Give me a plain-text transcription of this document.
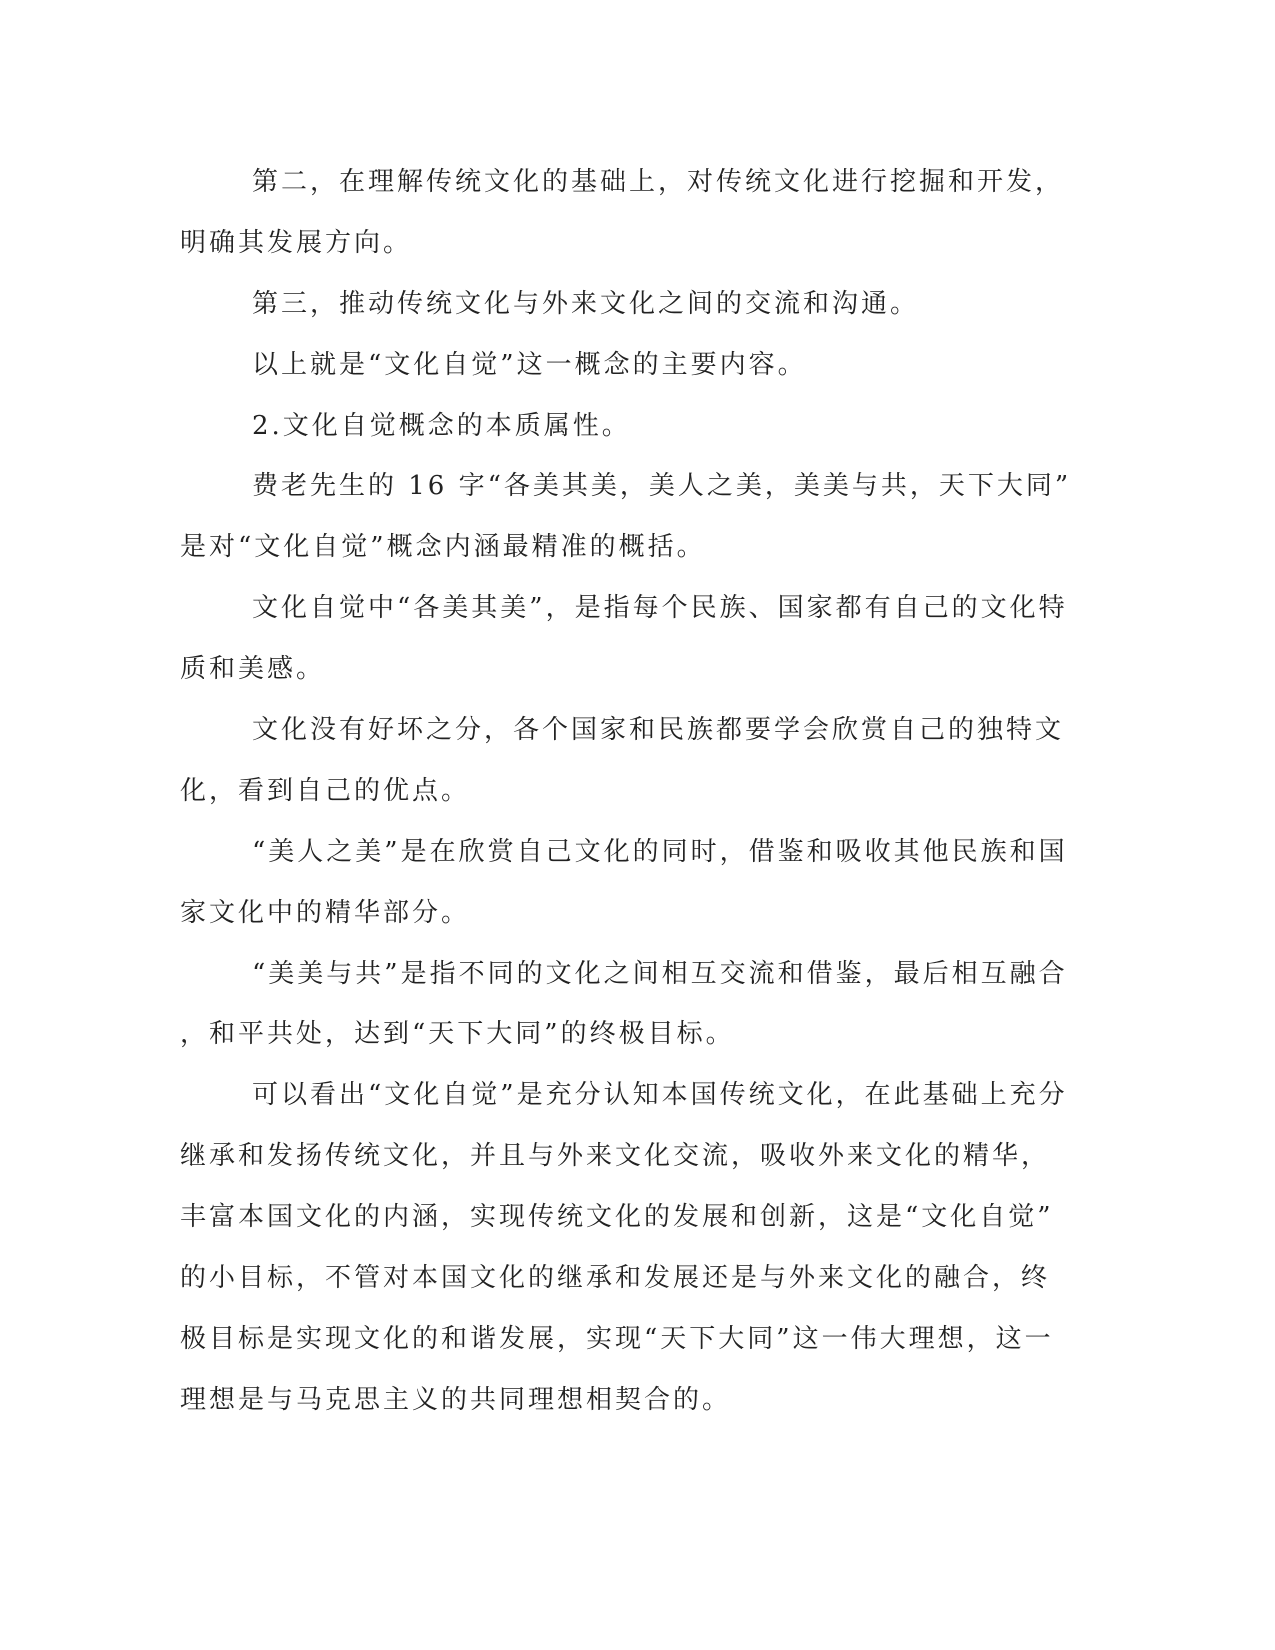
第二，在理解传统文化的基础上，对传统文化进行挖掘和开发，
明确其发展方向。
第三，推动传统文化与外来文化之间的交流和沟通。
以上就是“文化自觉”这一概念的主要内容。
2.文化自觉概念的本质属性。
费老先生的 16 字“各美其美，美人之美，美美与共，天下大同”
是对“文化自觉”概念内涵最精准的概括。
文化自觉中“各美其美”，是指每个民族、国家都有自己的文化特
质和美感。
文化没有好坏之分，各个国家和民族都要学会欣赏自己的独特文
化，看到自己的优点。
“美人之美”是在欣赏自己文化的同时，借鉴和吸收其他民族和国
家文化中的精华部分。
“美美与共”是指不同的文化之间相互交流和借鉴，最后相互融合
，和平共处，达到“天下大同”的终极目标。
可以看出“文化自觉”是充分认知本国传统文化，在此基础上充分
继承和发扬传统文化，并且与外来文化交流，吸收外来文化的精华，
丰富本国文化的内涵，实现传统文化的发展和创新，这是“文化自觉”
的小目标，不管对本国文化的继承和发展还是与外来文化的融合，终
极目标是实现文化的和谐发展，实现“天下大同”这一伟大理想，这一
理想是与马克思主义的共同理想相契合的。
